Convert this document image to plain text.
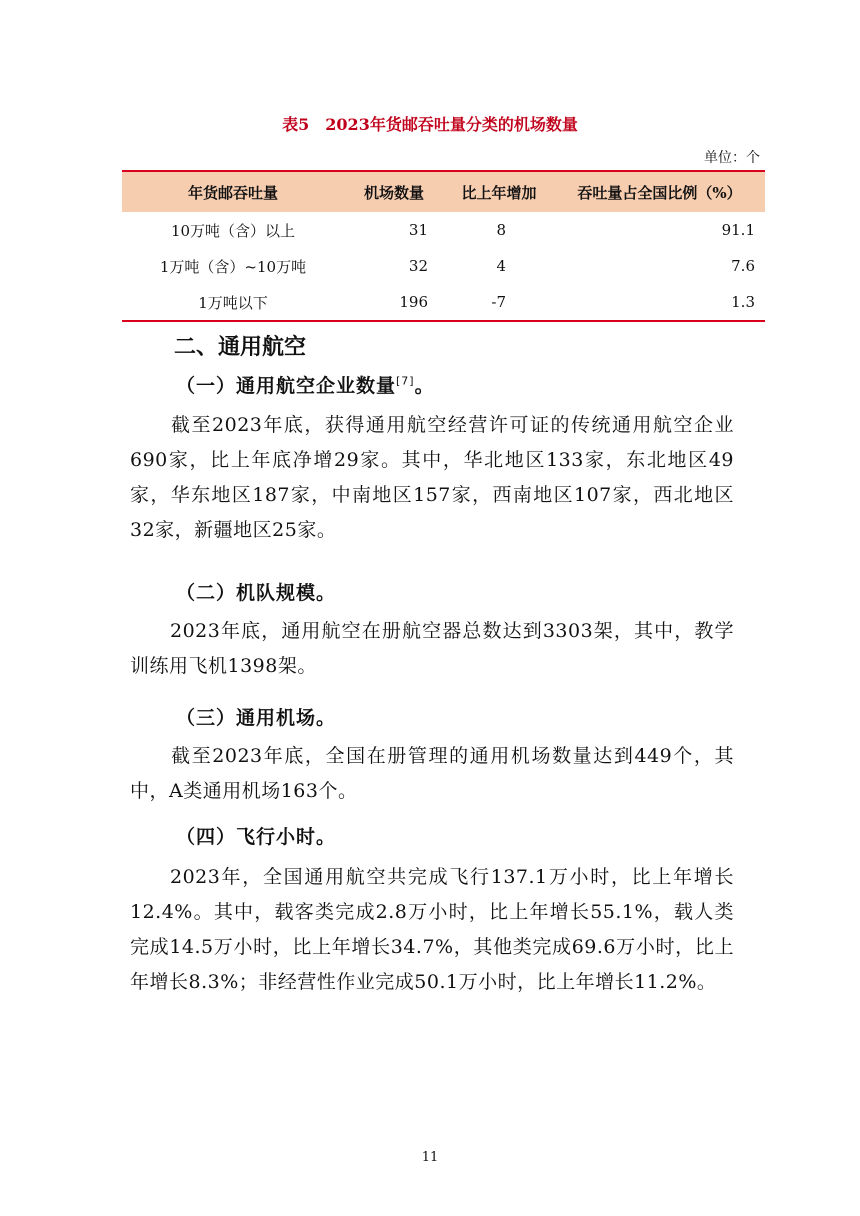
表5　2023年货邮吞吐量分类的机场数量
单位：个
年货邮吞吐量	机场数量	比上年增加	吞吐量占全国比例（%）
10万吨（含）以上	31	8	91.1
1万吨（含）~10万吨	32	4	7.6
1万吨以下	196	-7	1.3
二、通用航空
（一）通用航空企业数量[7]。
截至2023年底，获得通用航空经营许可证的传统通用航空企业690家，比上年底净增29家。其中，华北地区133家，东北地区49家，华东地区187家，中南地区157家，西南地区107家，西北地区32家，新疆地区25家。
（二）机队规模。
2023年底，通用航空在册航空器总数达到3303架，其中，教学训练用飞机1398架。
（三）通用机场。
截至2023年底，全国在册管理的通用机场数量达到449个，其中，A类通用机场163个。
（四）飞行小时。
2023年，全国通用航空共完成飞行137.1万小时，比上年增长12.4%。其中，载客类完成2.8万小时，比上年增长55.1%，载人类完成14.5万小时，比上年增长34.7%，其他类完成69.6万小时，比上年增长8.3%；非经营性作业完成50.1万小时，比上年增长11.2%。
11
